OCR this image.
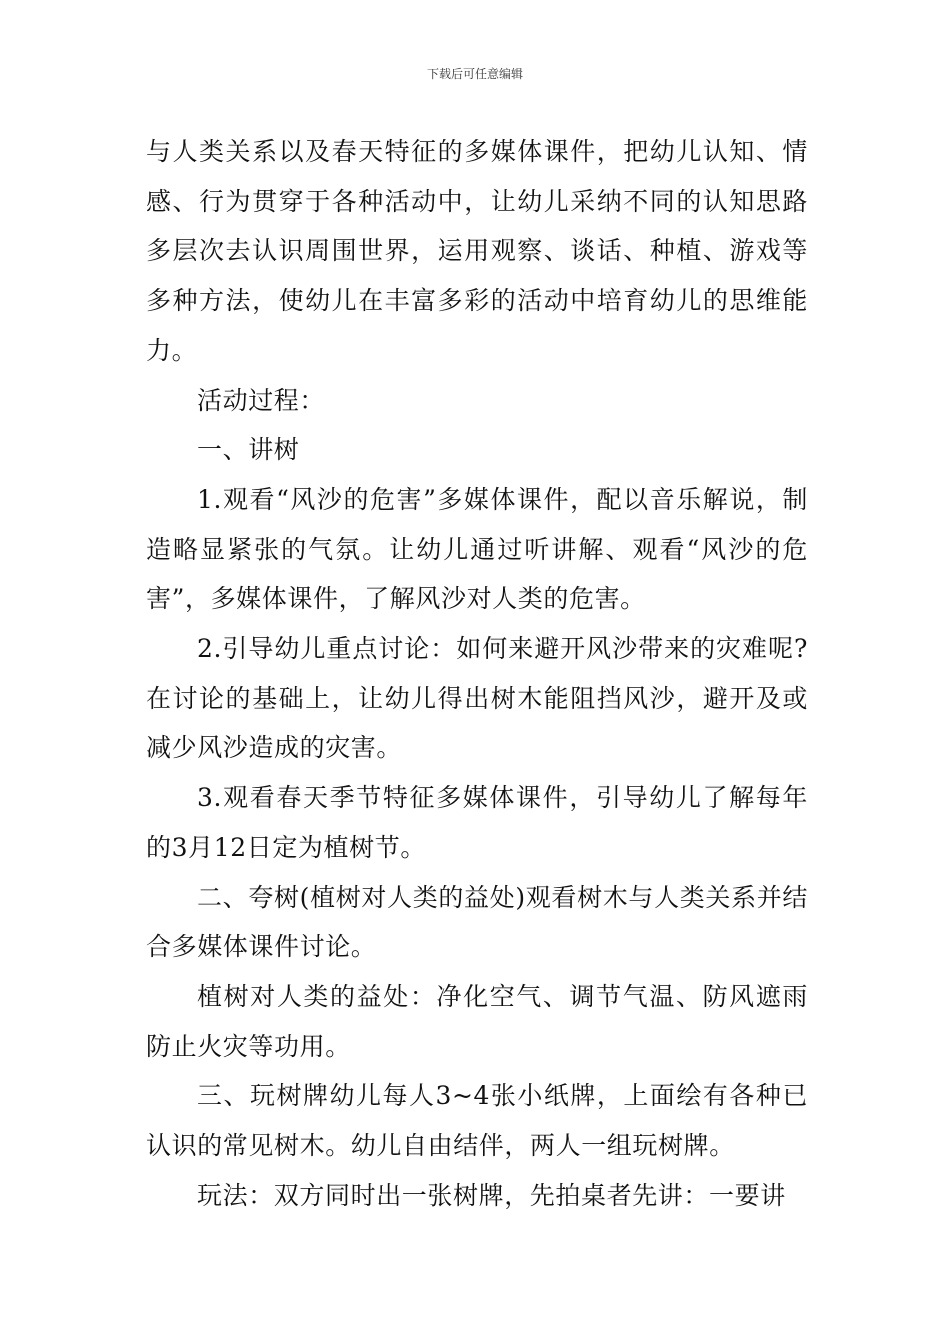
下载后可任意编辑

与人类关系以及春天特征的多媒体课件，把幼儿认知、情感、行为贯穿于各种活动中，让幼儿采纳不同的认知思路多层次去认识周围世界，运用观察、谈话、种植、游戏等多种方法，使幼儿在丰富多彩的活动中培育幼儿的思维能力。

活动过程：

一、讲树

1.观看“风沙的危害”多媒体课件，配以音乐解说，制造略显紧张的气氛。让幼儿通过听讲解、观看“风沙的危害”，多媒体课件，了解风沙对人类的危害。

2.引导幼儿重点讨论：如何来避开风沙带来的灾难呢?在讨论的基础上，让幼儿得出树木能阻挡风沙，避开及或减少风沙造成的灾害。

3.观看春天季节特征多媒体课件，引导幼儿了解每年的3月12日定为植树节。

二、夸树(植树对人类的益处)观看树木与人类关系并结合多媒体课件讨论。

植树对人类的益处：净化空气、调节气温、防风遮雨防止火灾等功用。

三、玩树牌幼儿每人3~4张小纸牌，上面绘有各种已认识的常见树木。幼儿自由结伴，两人一组玩树牌。

玩法：双方同时出一张树牌，先拍桌者先讲：一要讲
